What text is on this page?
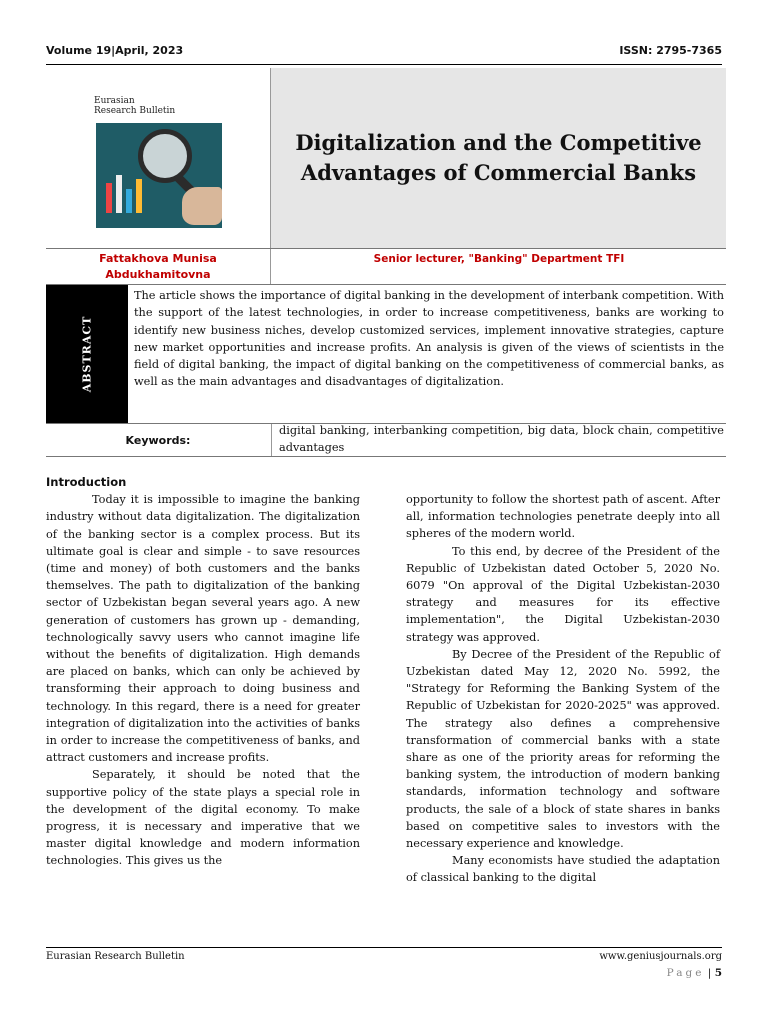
Volume 19|April, 2023	ISSN: 2795-7365
Eurasian
Research Bulletin
Digitalization and the Competitive Advantages of Commercial Banks
Fattakhova Munisa
Abdukhamitovna
Senior lecturer, "Banking" Department TFI
ABSTRACT
The article shows the importance of digital banking in the development of interbank competition. With the support of the latest technologies, in order to increase competitiveness, banks are working to identify new business niches, develop customized services, implement innovative strategies, capture new market opportunities and increase profits. An analysis is given of the views of scientists in the field of digital banking, the impact of digital banking on the competitiveness of commercial banks, as well as the main advantages and disadvantages of digitalization.
Keywords:
digital banking, interbanking competition, big data, block chain, competitive advantages
Introduction

Today it is impossible to imagine the banking industry without data digitalization. The digitalization of the banking sector is a complex process. But its ultimate goal is clear and simple - to save resources (time and money) of both customers and the banks themselves. The path to digitalization of the banking sector of Uzbekistan began several years ago. A new generation of customers has grown up - demanding, technologically savvy users who cannot imagine life without the benefits of digitalization. High demands are placed on banks, which can only be achieved by transforming their approach to doing business and technology. In this regard, there is a need for greater integration of digitalization into the activities of banks in order to increase the competitiveness of banks, and attract customers and increase profits.

Separately, it should be noted that the supportive policy of the state plays a special role in the development of the digital economy. To make progress, it is necessary and imperative that we master digital knowledge and modern information technologies. This gives us the

opportunity to follow the shortest path of ascent. After all, information technologies penetrate deeply into all spheres of the modern world.

To this end, by decree of the President of the Republic of Uzbekistan dated October 5, 2020 No. 6079 "On approval of the Digital Uzbekistan-2030 strategy and measures for its effective implementation", the Digital Uzbekistan-2030 strategy was approved.

By Decree of the President of the Republic of Uzbekistan dated May 12, 2020 No. 5992, the "Strategy for Reforming the Banking System of the Republic of Uzbekistan for 2020-2025" was approved. The strategy also defines a comprehensive transformation of commercial banks with a state share as one of the priority areas for reforming the banking system, the introduction of modern banking standards, information technology and software products, the sale of a block of state shares in banks based on competitive sales to investors with the necessary experience and knowledge.

Many economists have studied the adaptation of classical banking to the digital

Eurasian Research Bulletin	www.geniusjournals.org
Page | 5
